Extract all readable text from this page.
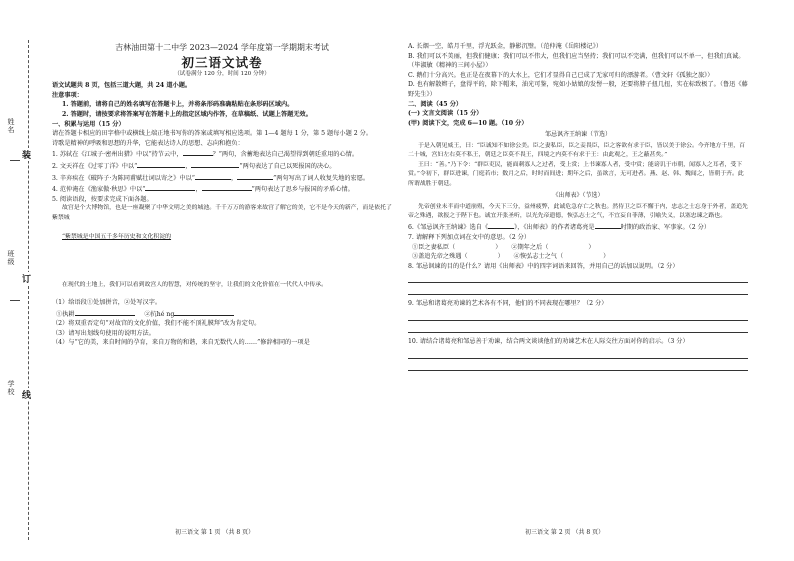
姓名
装
班级
订
学校 线

吉林油田第十二中学 2023—2024 学年度第一学期期末考试

初三语文试卷

（试卷满分 120 分，时间 120 分钟）

语文试题共 8 页，包括三道大题，共 24 道小题。

注意事项：

1. 答题前，请将自己的姓名填写在答题卡上，并将条形码准确粘贴在条形码区域内。

2. 答题时，请按要求将答案写在答题卡上的指定区域内作答，在草稿纸、试题上答题无效。

一、积累与运用（15 分）

请在答题卡相应的田字格中或横线上端正地书写你的答案或填写相应选项。第 1—4 题每 1 分，第 5 题每小题 2 分。

诗歌是精神的呼吸和思想的升华，它能表达诗人的思想、志向和抱负：

1. 苏轼在《江城子·密州出猎》中以“持节云中，	？”两句，含蓄地表达自己渴望得到朝廷重用的心情。

2. 文天祥在《过零丁洋》中以“	，	”两句表达了自己以死报国的决心。

3. 辛弃疾在《破阵子·为陈同甫赋壮词以寄之》中以“	，	”两句写出了词人收复失地的宏愿。

4. 范仲淹在《渔家傲·秋思》中以“	，	”两句表达了思乡与报国的矛盾心情。

5. 阅读语段，按要求完成下面各题。

故宫是个大博物馆，也是一座凝聚了中华文明之美的城池。千千万万的游客来故宫了解它的美，它不是今天的新产，而是依托了紫禁城

“紫禁城是中国五千多年历史和文化积淀的

在现代的土地上，我们可以看到故宫人的智慧，对传统的坚守，让我们的文化价值在一代代人中传承。

（1）给语段①处加拼音，②处写汉字。

①执耕	②抗hé ng

（2）将双重否定句“对故宫的文化价值，我们不能不顶礼膜拜”改为肯定句。

（3）请写出划线句使用的说明方法。

（4）与“它的美，来自时间的孕育，来自万物的和谐，来自无数代人的……”修辞相同的一项是

A. 长烟一空，皓月千里，浮光跃金，静影沉璧。（范仲淹《岳阳楼记》）

B. 我们可以不美丽，但我们健康；我们可以不伟大，但我们应当坚持；我们可以不完满，但我们可以不单一，但我们真诚。（毕淑敏《精神的三间小屋》）

C. 鹅们十分高兴。也正是在夜幕下的大水上，它们才显得自己已成了无家可归的漂游者。（曹文轩《孤独之旅》）

D. 也有解散辫子，盘得平的，除下帽来，油光可鉴，宛如小姑娘的发髻一般，还要将脖子扭几扭，实在标致极了。（鲁迅《藤野先生》）

二、阅读（45 分）

(一) 文言文阅读（15 分）

(甲) 阅读下文，完成 6—10 题。（10 分）

邹忌讽齐王纳谏（节选）

于是入朝见威王，曰：“臣诚知不如徐公美。臣之妻私臣，臣之妾畏臣，臣之客欲有求于臣，皆以美于徐公。今齐地方千里，百二十城，宫妇左右莫不私王，朝廷之臣莫不畏王，四境之内莫不有求于王：由此观之，王之蔽甚矣。”

王曰：“善。”乃下令：“群臣吏民，能面刺寡人之过者，受上赏；上书谏寡人者，受中赏；能谤讥于市朝，闻寡人之耳者，受下赏。”令初下，群臣进谏，门庭若市；数月之后，时时而间进；期年之后，虽欲言，无可进者。燕、赵、韩、魏闻之，皆朝于齐。此所谓战胜于朝廷。

《出师表》（节选）

先帝创业未半而中道崩殂，今天下三分，益州疲弊，此诚危急存亡之秋也。然侍卫之臣不懈于内，忠志之士忘身于外者，盖追先帝之殊遇，欲报之于陛下也。诚宜开张圣听，以光先帝遗德，恢弘志士之气，不宜妄自菲薄，引喻失义，以塞忠谏之路也。

6.《邹忌讽齐王纳谏》选自《	》，《出师表》的作者诸葛亮是	时期的政治家、军事家。（2 分）

7. 请解释下列加点词在文中的意思。（2 分）

①臣之妻私臣（	）     ②期年之后（	）

③盖追先帝之殊遇（	）     ④恢弘志士之气（	）

8. 邹忌讽谏的目的是什么？请用《出师表》中的四字词语来回答，并用自己的话加以说明。（2 分）

9. 邹忌和诸葛亮劝谏的艺术各有不同，他们的不同表现在哪里？（2 分）

10. 请结合诸葛亮和邹忌善于劝谏，结合两文谈谈他们的劝谏艺术在人际交往方面对你的启示。（3 分）

初三语文 第 1 页 （共 8 页）	初三语文 第 2 页 （共 8 页）
